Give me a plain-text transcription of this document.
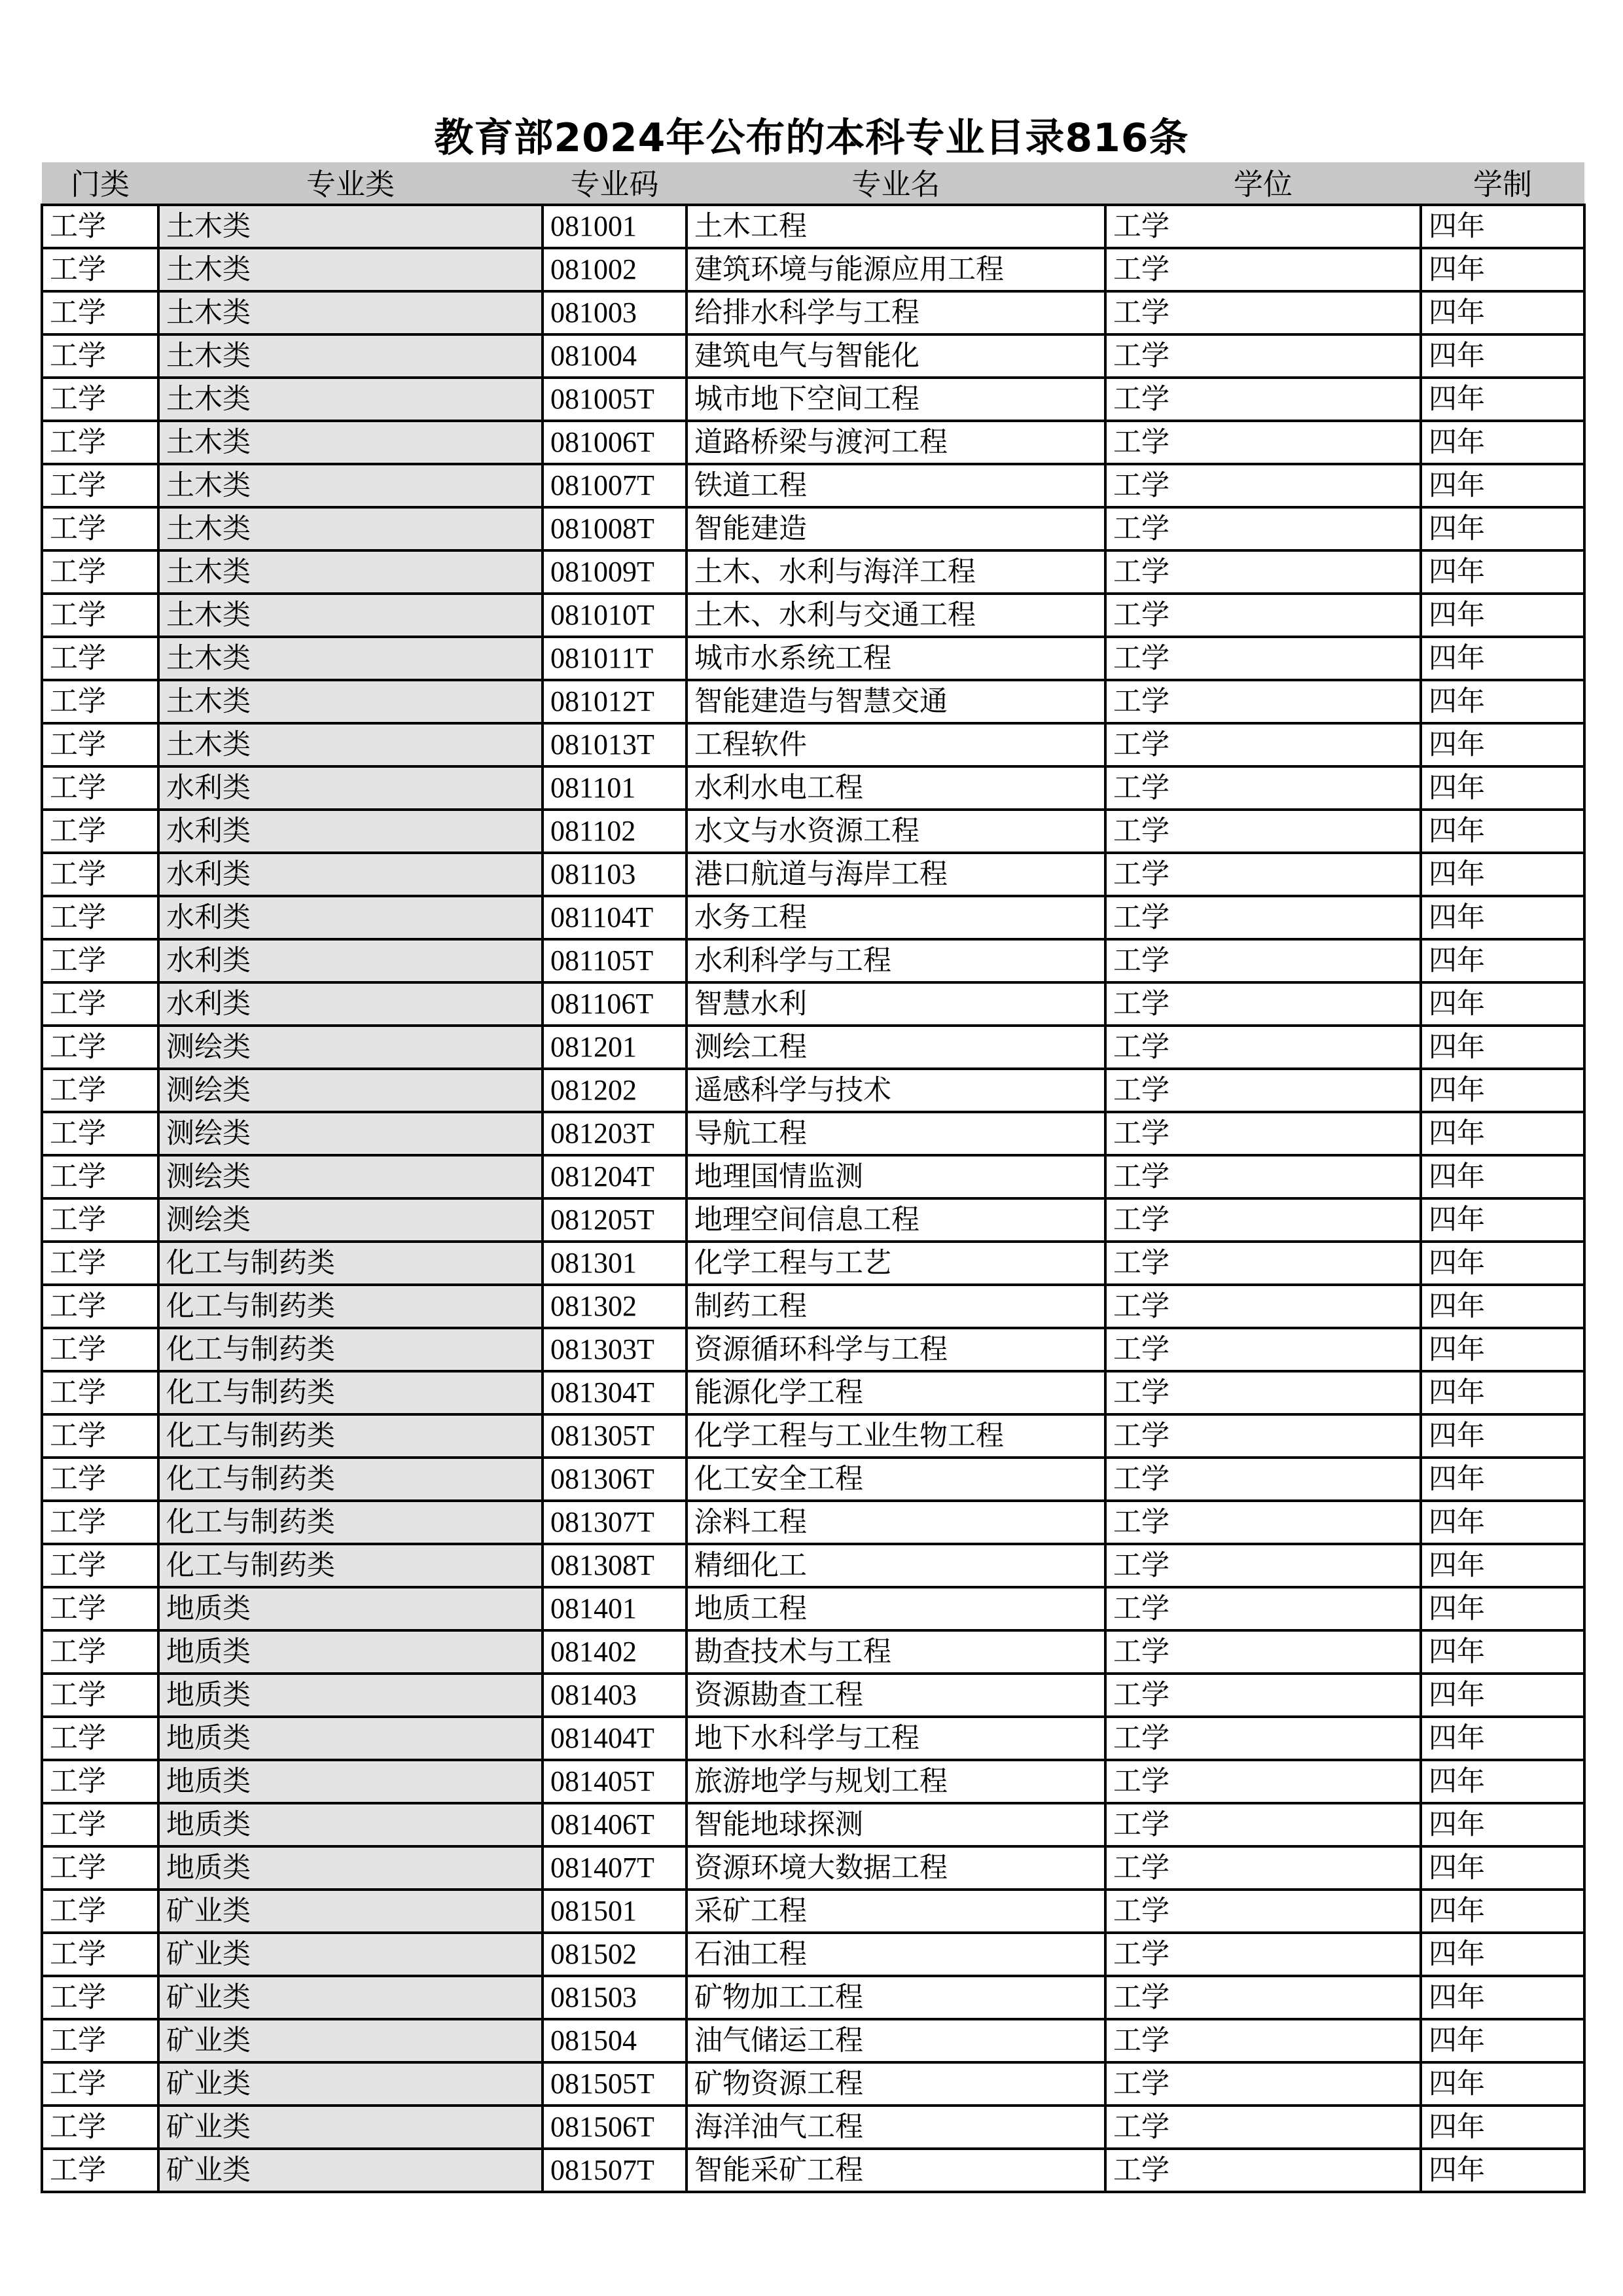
教育部2024年公布的本科专业目录816条
门类	专业类	专业码	专业名	学位	学制
工学	土木类	081001	土木工程	工学	四年
工学	土木类	081002	建筑环境与能源应用工程	工学	四年
工学	土木类	081003	给排水科学与工程	工学	四年
工学	土木类	081004	建筑电气与智能化	工学	四年
工学	土木类	081005T	城市地下空间工程	工学	四年
工学	土木类	081006T	道路桥梁与渡河工程	工学	四年
工学	土木类	081007T	铁道工程	工学	四年
工学	土木类	081008T	智能建造	工学	四年
工学	土木类	081009T	土木、水利与海洋工程	工学	四年
工学	土木类	081010T	土木、水利与交通工程	工学	四年
工学	土木类	081011T	城市水系统工程	工学	四年
工学	土木类	081012T	智能建造与智慧交通	工学	四年
工学	土木类	081013T	工程软件	工学	四年
工学	水利类	081101	水利水电工程	工学	四年
工学	水利类	081102	水文与水资源工程	工学	四年
工学	水利类	081103	港口航道与海岸工程	工学	四年
工学	水利类	081104T	水务工程	工学	四年
工学	水利类	081105T	水利科学与工程	工学	四年
工学	水利类	081106T	智慧水利	工学	四年
工学	测绘类	081201	测绘工程	工学	四年
工学	测绘类	081202	遥感科学与技术	工学	四年
工学	测绘类	081203T	导航工程	工学	四年
工学	测绘类	081204T	地理国情监测	工学	四年
工学	测绘类	081205T	地理空间信息工程	工学	四年
工学	化工与制药类	081301	化学工程与工艺	工学	四年
工学	化工与制药类	081302	制药工程	工学	四年
工学	化工与制药类	081303T	资源循环科学与工程	工学	四年
工学	化工与制药类	081304T	能源化学工程	工学	四年
工学	化工与制药类	081305T	化学工程与工业生物工程	工学	四年
工学	化工与制药类	081306T	化工安全工程	工学	四年
工学	化工与制药类	081307T	涂料工程	工学	四年
工学	化工与制药类	081308T	精细化工	工学	四年
工学	地质类	081401	地质工程	工学	四年
工学	地质类	081402	勘查技术与工程	工学	四年
工学	地质类	081403	资源勘查工程	工学	四年
工学	地质类	081404T	地下水科学与工程	工学	四年
工学	地质类	081405T	旅游地学与规划工程	工学	四年
工学	地质类	081406T	智能地球探测	工学	四年
工学	地质类	081407T	资源环境大数据工程	工学	四年
工学	矿业类	081501	采矿工程	工学	四年
工学	矿业类	081502	石油工程	工学	四年
工学	矿业类	081503	矿物加工工程	工学	四年
工学	矿业类	081504	油气储运工程	工学	四年
工学	矿业类	081505T	矿物资源工程	工学	四年
工学	矿业类	081506T	海洋油气工程	工学	四年
工学	矿业类	081507T	智能采矿工程	工学	四年
